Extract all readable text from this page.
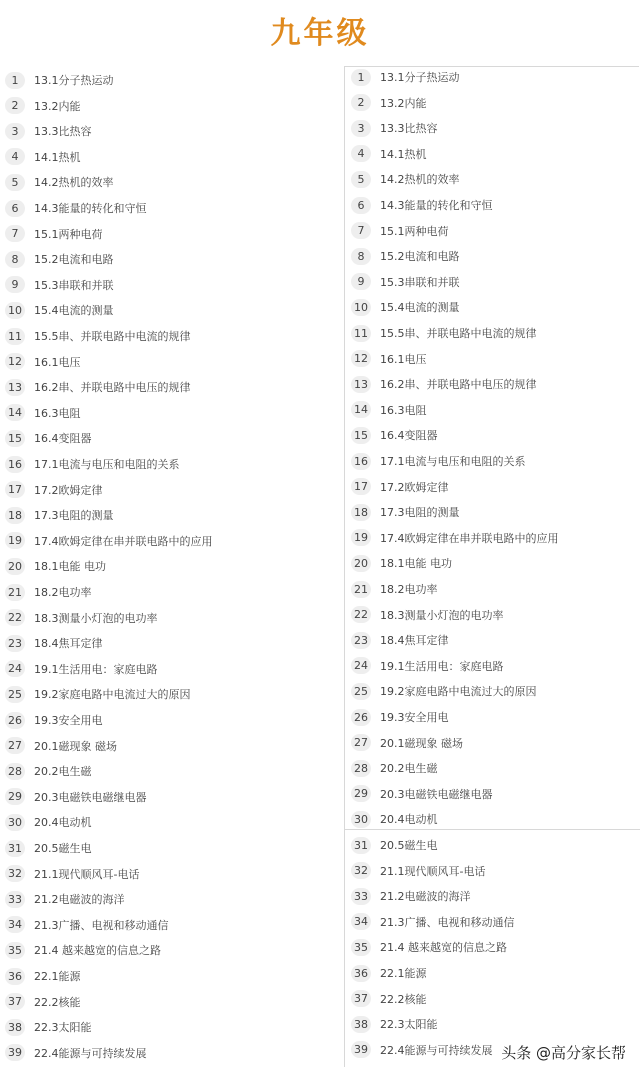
九年级
1	13.1分子热运动
2	13.2内能
3	13.3比热容
4	14.1热机
5	14.2热机的效率
6	14.3能量的转化和守恒
7	15.1两种电荷
8	15.2电流和电路
9	15.3串联和并联
10 15.4电流的测量
11 15.5串、并联电路中电流的规律
12 16.1电压
13 16.2串、并联电路中电压的规律
14 16.3电阻
15 16.4变阻器
16 17.1电流与电压和电阻的关系
17 17.2欧姆定律
18 17.3电阻的测量
19 17.4欧姆定律在串并联电路中的应用
20 18.1电能 电功
21 18.2电功率
22 18.3测量小灯泡的电功率
23 18.4焦耳定律
24 19.1生活用电：家庭电路
25 19.2家庭电路中电流过大的原因
26 19.3安全用电
27 20.1磁现象 磁场
28 20.2电生磁
29 20.3电磁铁电磁继电器
30 20.4电动机
31 20.5磁生电
32 21.1现代顺风耳-电话
33 21.2电磁波的海洋
34 21.3广播、电视和移动通信
35 21.4 越来越宽的信息之路
36 22.1能源
37 22.2核能
38 22.3太阳能
39 22.4能源与可持续发展
1	13.1分子热运动
2	13.2内能
3	13.3比热容
4	14.1热机
5	14.2热机的效率
6	14.3能量的转化和守恒
7	15.1两种电荷
8	15.2电流和电路
9	15.3串联和并联
10 15.4电流的测量
11 15.5串、并联电路中电流的规律
12 16.1电压
13 16.2串、并联电路中电压的规律
14 16.3电阻
15 16.4变阻器
16 17.1电流与电压和电阻的关系
17 17.2欧姆定律
18 17.3电阻的测量
19 17.4欧姆定律在串并联电路中的应用
20 18.1电能 电功
21 18.2电功率
22 18.3测量小灯泡的电功率
23 18.4焦耳定律
24 19.1生活用电：家庭电路
25 19.2家庭电路中电流过大的原因
26 19.3安全用电
27 20.1磁现象 磁场
28 20.2电生磁
29 20.3电磁铁电磁继电器
30 20.4电动机
31 20.5磁生电
32 21.1现代顺风耳-电话
33 21.2电磁波的海洋
34 21.3广播、电视和移动通信
35 21.4 越来越宽的信息之路
36 22.1能源
37 22.2核能
38 22.3太阳能
39 22.4能源与可持续发展 头条 @高分家长帮
